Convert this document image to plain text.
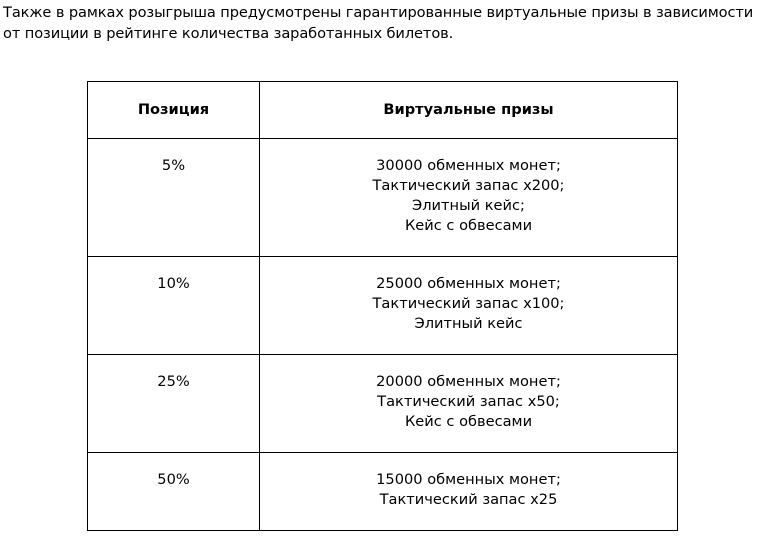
Также в рамках розыгрыша предусмотрены гарантированные виртуальные призы в зависимости от позиции в рейтинге количества заработанных билетов.

Позиция	Виртуальные призы
5%	30000 обменных монет;
Тактический запас x200;
Элитный кейс;
Кейс с обвесами

10%	25000 обменных монет;
Тактический запас x100;
Элитный кейс

25%	20000 обменных монет;
Тактический запас x50;
Кейс с обвесами

50%	15000 обменных монет;
Тактический запас x25
